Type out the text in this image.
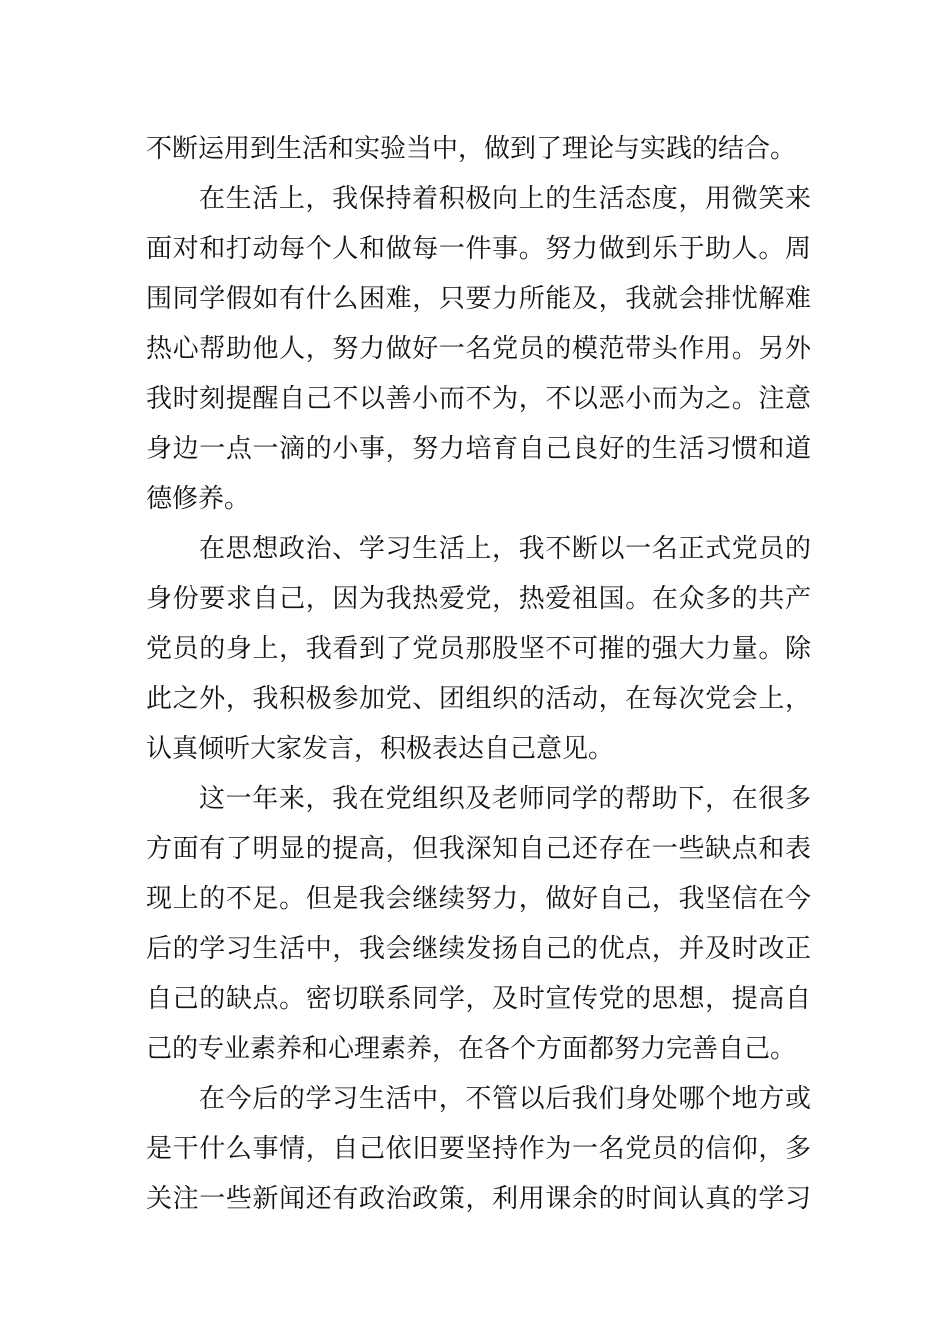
不断运用到生活和实验当中，做到了理论与实践的结合。
在生活上，我保持着积极向上的生活态度，用微笑来
面对和打动每个人和做每一件事。努力做到乐于助人。周
围同学假如有什么困难，只要力所能及，我就会排忧解难
热心帮助他人，努力做好一名党员的模范带头作用。另外
我时刻提醒自己不以善小而不为，不以恶小而为之。注意
身边一点一滴的小事，努力培育自己良好的生活习惯和道
德修养。
在思想政治、学习生活上，我不断以一名正式党员的
身份要求自己，因为我热爱党，热爱祖国。在众多的共产
党员的身上，我看到了党员那股坚不可摧的强大力量。除
此之外，我积极参加党、团组织的活动，在每次党会上，
认真倾听大家发言，积极表达自己意见。
这一年来，我在党组织及老师同学的帮助下，在很多
方面有了明显的提高，但我深知自己还存在一些缺点和表
现上的不足。但是我会继续努力，做好自己，我坚信在今
后的学习生活中，我会继续发扬自己的优点，并及时改正
自己的缺点。密切联系同学，及时宣传党的思想，提高自
己的专业素养和心理素养，在各个方面都努力完善自己。
在今后的学习生活中，不管以后我们身处哪个地方或
是干什么事情，自己依旧要坚持作为一名党员的信仰，多
关注一些新闻还有政治政策，利用课余的时间认真的学习
